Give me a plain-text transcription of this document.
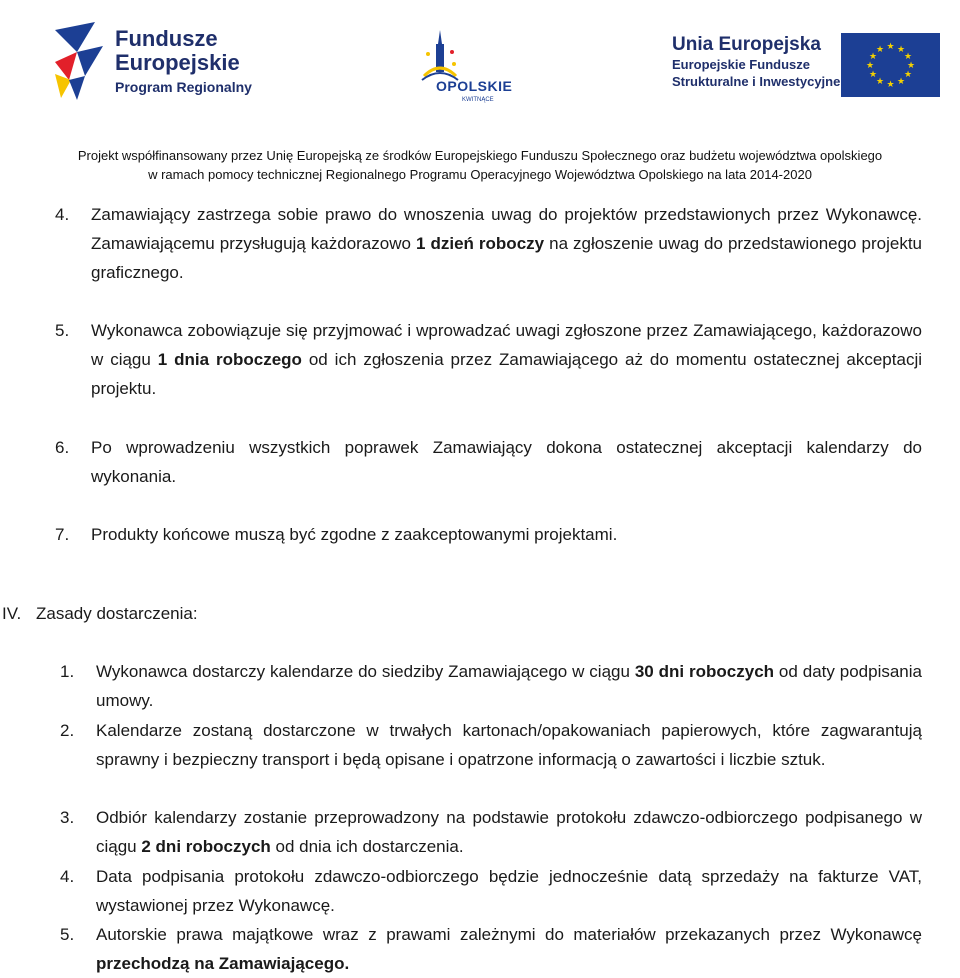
Fundusze
Europejskie
Program Regionalny	OPOLSKIE
KWITNĄCE
Unia Europejska
Europejskie Fundusze
Strukturalne i Inwestycyjne
★ ★
★
★
★
★
★
★
★
★
★
★
Projekt współfinansowany przez Unię Europejską ze środków Europejskiego Funduszu Społecznego oraz budżetu województwa opolskiego
w ramach pomocy technicznej Regionalnego Programu Operacyjnego Województwa Opolskiego na lata 2014-2020
4. Zamawiający zastrzega sobie prawo do wnoszenia uwag do projektów przedstawionych przez Wykonawcę. Zamawiającemu przysługują każdorazowo 1 dzień roboczy na zgłoszenie uwag do przedstawionego projektu graficznego.
5. Wykonawca zobowiązuje się przyjmować i wprowadzać uwagi zgłoszone przez Zamawiającego, każdorazowo w ciągu 1 dnia roboczego od ich zgłoszenia przez Zamawiającego aż do momentu ostatecznej akceptacji projektu.
6. Po wprowadzeniu wszystkich poprawek Zamawiający dokona ostatecznej akceptacji kalendarzy do wykonania.
7. Produkty końcowe muszą być zgodne z zaakceptowanymi projektami.
IV. Zasady dostarczenia:
1. Wykonawca dostarczy kalendarze do siedziby Zamawiającego w ciągu 30 dni roboczych od daty podpisania umowy.
2. Kalendarze zostaną dostarczone w trwałych kartonach/opakowaniach papierowych, które zagwarantują sprawny i bezpieczny transport i będą opisane i opatrzone informacją o zawartości i liczbie sztuk.
3. Odbiór kalendarzy zostanie przeprowadzony na podstawie protokołu zdawczo-odbiorczego podpisanego w ciągu 2 dni roboczych od dnia ich dostarczenia.
4. Data podpisania protokołu zdawczo-odbiorczego będzie jednocześnie datą sprzedaży na fakturze VAT, wystawionej przez Wykonawcę.
5. Autorskie prawa majątkowe wraz z prawami zależnymi do materiałów przekazanych przez Wykonawcę przechodzą na Zamawiającego.
